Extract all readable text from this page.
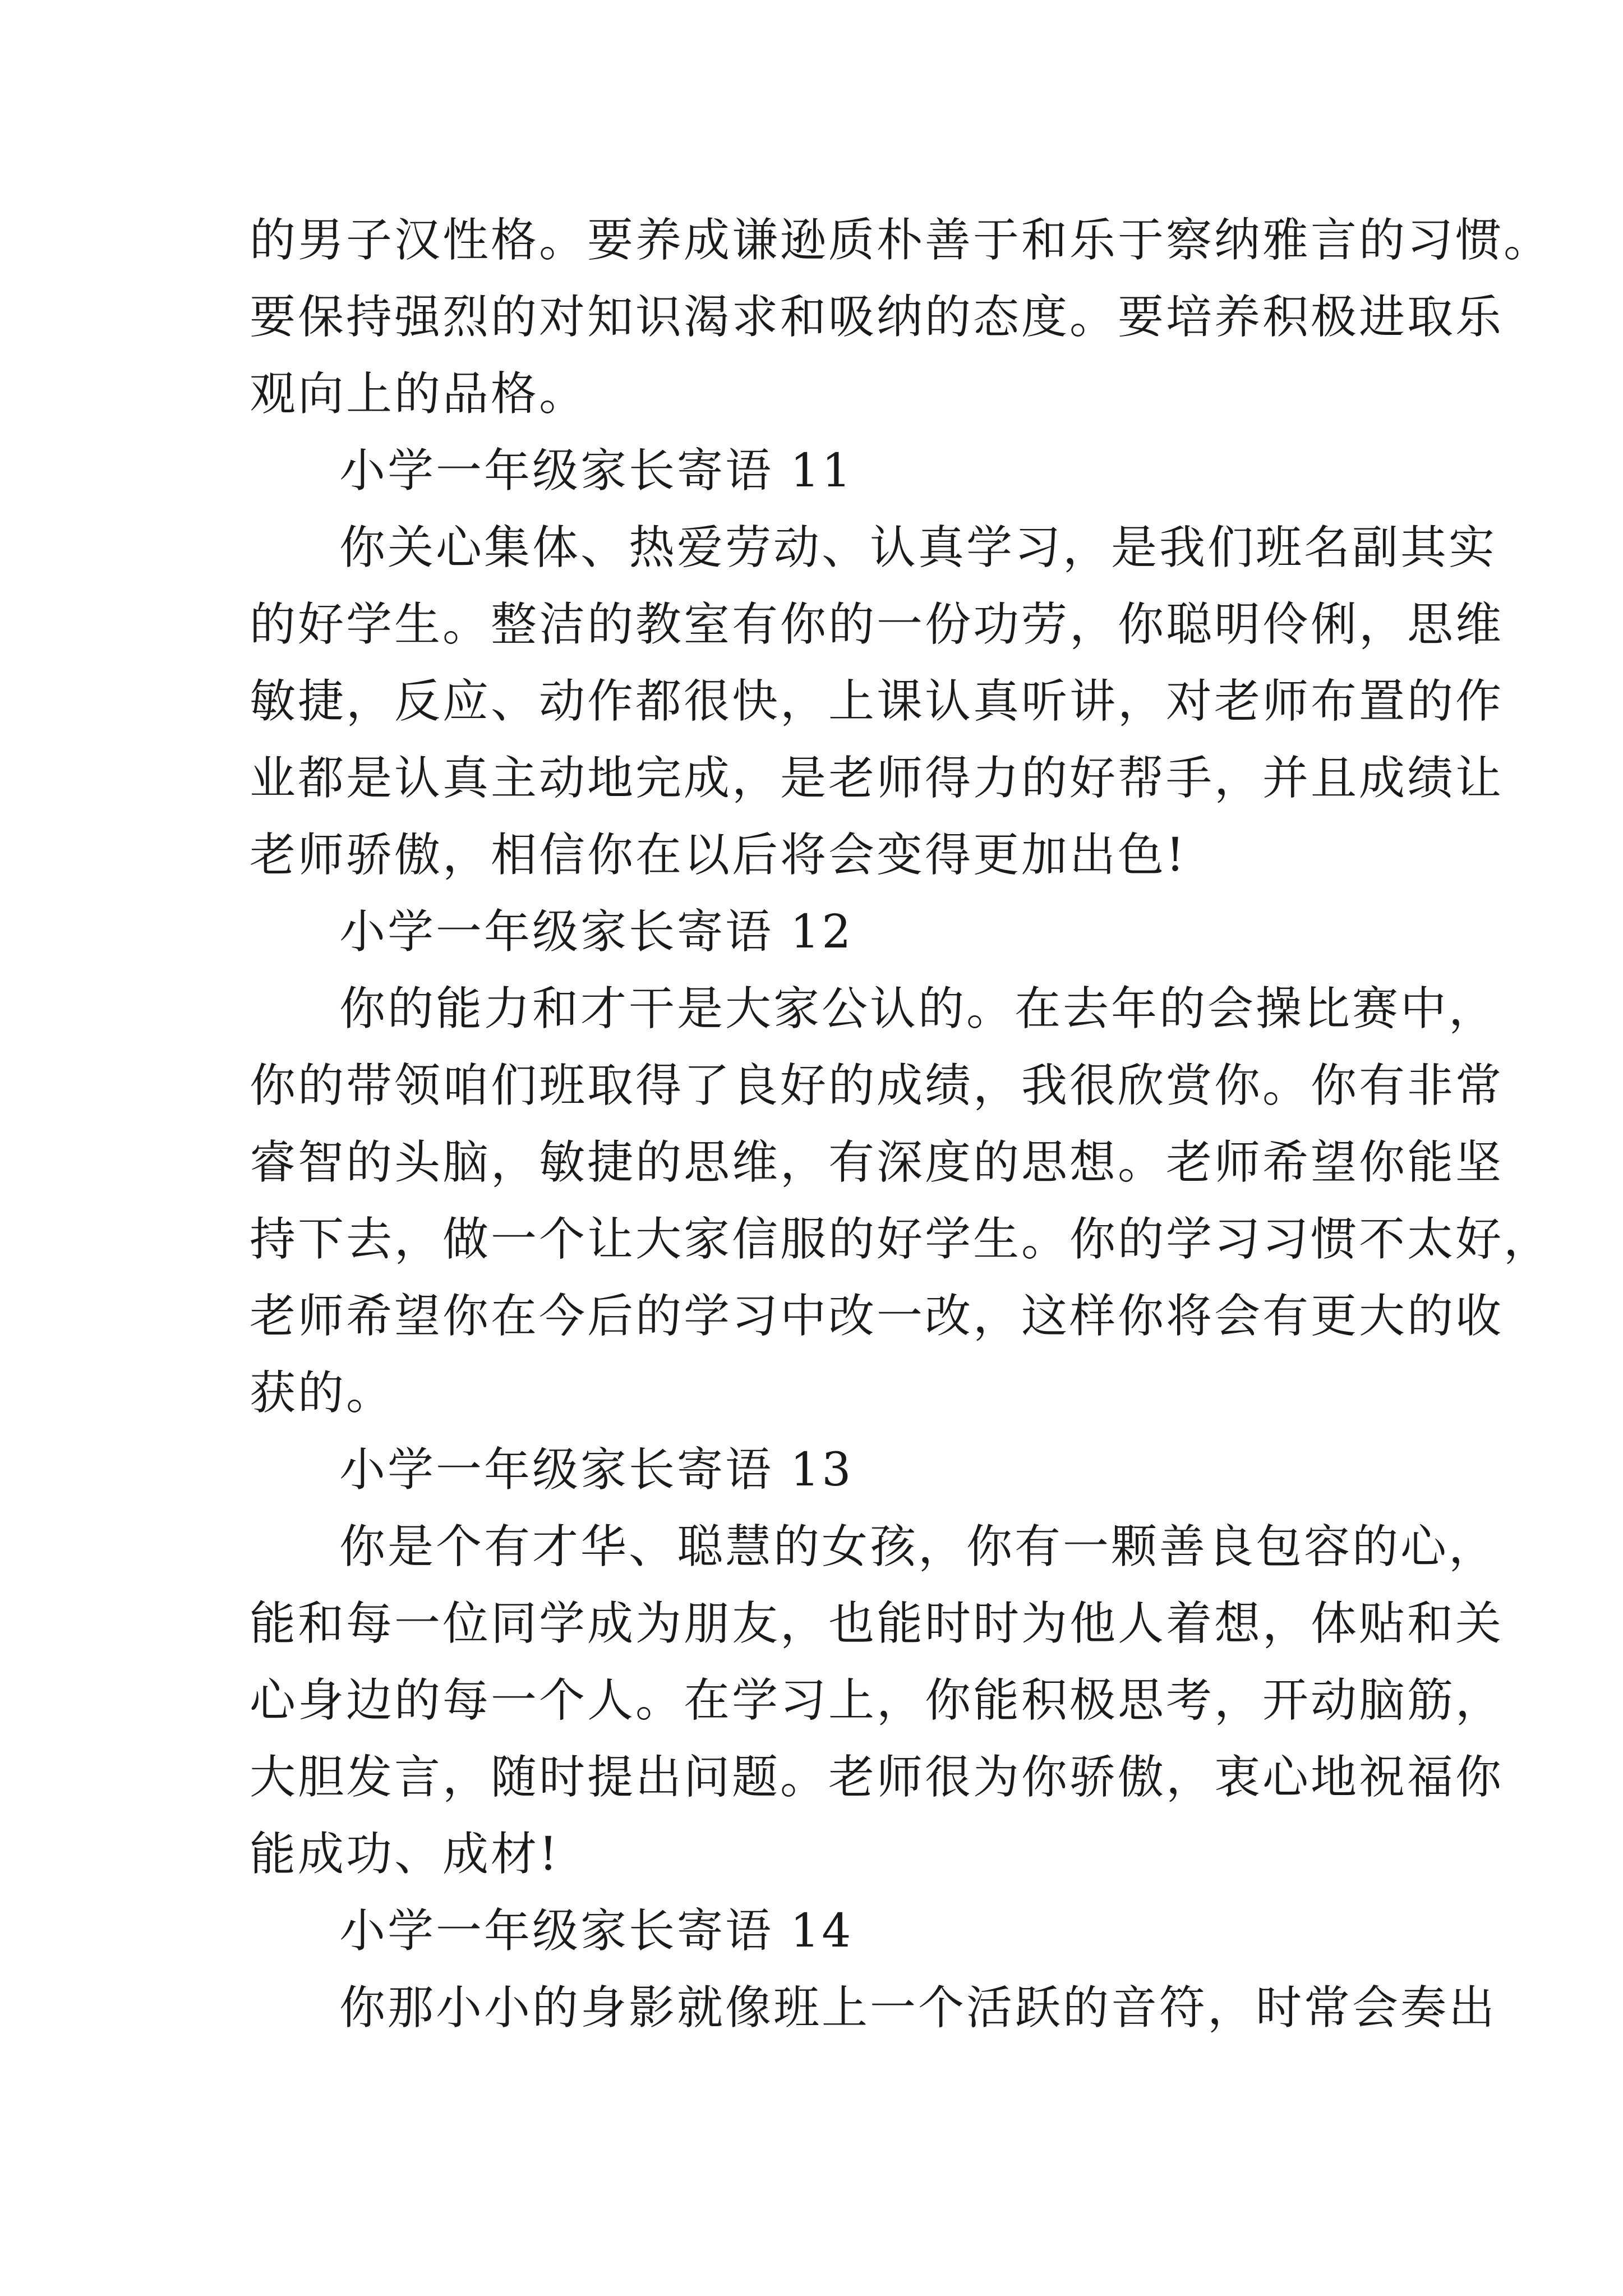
的男子汉性格。要养成谦逊质朴善于和乐于察纳雅言的习惯。
要保持强烈的对知识渴求和吸纳的态度。要培养积极进取乐
观向上的品格。
小学一年级家长寄语 11
你关心集体、热爱劳动、认真学习，是我们班名副其实
的好学生。整洁的教室有你的一份功劳，你聪明伶俐，思维
敏捷，反应、动作都很快，上课认真听讲，对老师布置的作
业都是认真主动地完成，是老师得力的好帮手，并且成绩让
老师骄傲，相信你在以后将会变得更加出色!
小学一年级家长寄语 12
你的能力和才干是大家公认的。在去年的会操比赛中，
你的带领咱们班取得了良好的成绩，我很欣赏你。你有非常
睿智的头脑，敏捷的思维，有深度的思想。老师希望你能坚
持下去，做一个让大家信服的好学生。你的学习习惯不太好，
老师希望你在今后的学习中改一改，这样你将会有更大的收
获的。
小学一年级家长寄语 13
你是个有才华、聪慧的女孩，你有一颗善良包容的心，
能和每一位同学成为朋友，也能时时为他人着想，体贴和关
心身边的每一个人。在学习上，你能积极思考，开动脑筋，
大胆发言，随时提出问题。老师很为你骄傲，衷心地祝福你
能成功、成材!
小学一年级家长寄语 14
你那小小的身影就像班上一个活跃的音符，时常会奏出
